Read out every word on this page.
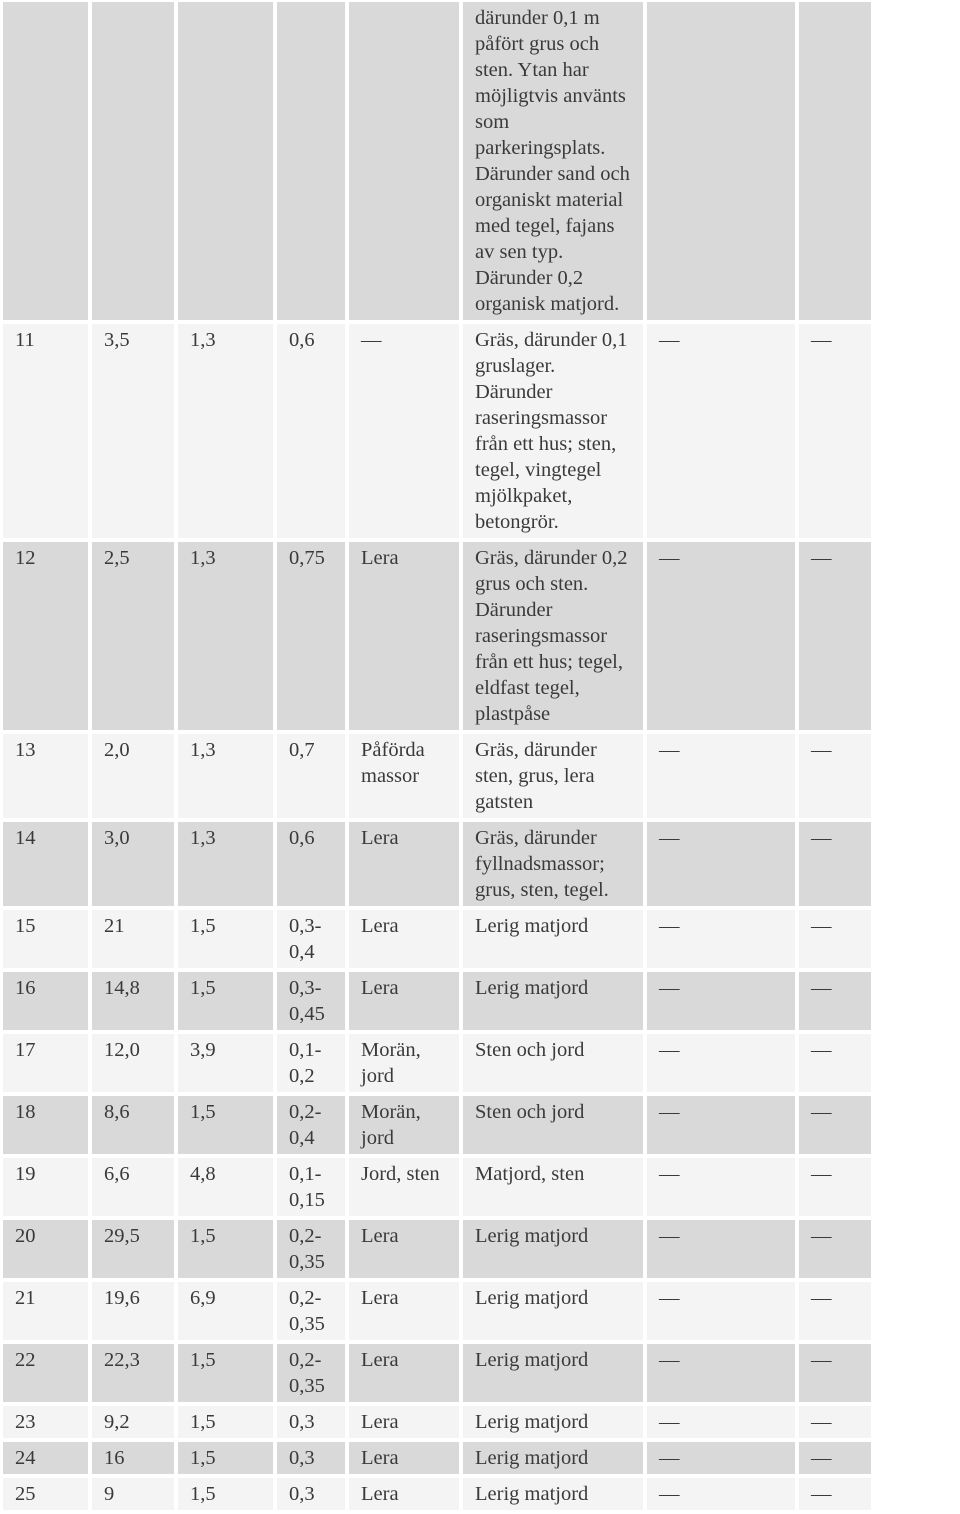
					därunder 0,1 m påfört grus och sten. Ytan har möjligtvis använts som parkeringsplats. Därunder sand och organiskt material med tegel, fajans av sen typ. Därunder 0,2 organisk matjord.		
11	3,5	1,3	0,6	—	Gräs, därunder 0,1 gruslager. Därunder raseringsmassor från ett hus; sten, tegel, vingtegel mjölkpaket, betongrör.	—	—
12	2,5	1,3	0,75	Lera	Gräs, därunder 0,2 grus och sten. Därunder raseringsmassor från ett hus; tegel, eldfast tegel, plastpåse	—	—
13	2,0	1,3	0,7	Påförda massor	Gräs, därunder sten, grus, lera gatsten	—	—
14	3,0	1,3	0,6	Lera	Gräs, därunder fyllnadsmassor; grus, sten, tegel.	—	—
15	21	1,5	0,3-0,4	Lera	Lerig matjord	—	—
16	14,8	1,5	0,3-0,45	Lera	Lerig matjord	—	—
17	12,0	3,9	0,1-0,2	Morän, jord	Sten och jord	—	—
18	8,6	1,5	0,2-0,4	Morän, jord	Sten och jord	—	—
19	6,6	4,8	0,1-0,15	Jord, sten	Matjord, sten	—	—
20	29,5	1,5	0,2-0,35	Lera	Lerig matjord	—	—
21	19,6	6,9	0,2-0,35	Lera	Lerig matjord	—	—
22	22,3	1,5	0,2-0,35	Lera	Lerig matjord	—	—
23	9,2	1,5	0,3	Lera	Lerig matjord	—	—
24	16	1,5	0,3	Lera	Lerig matjord	—	—
25	9	1,5	0,3	Lera	Lerig matjord	—	—
